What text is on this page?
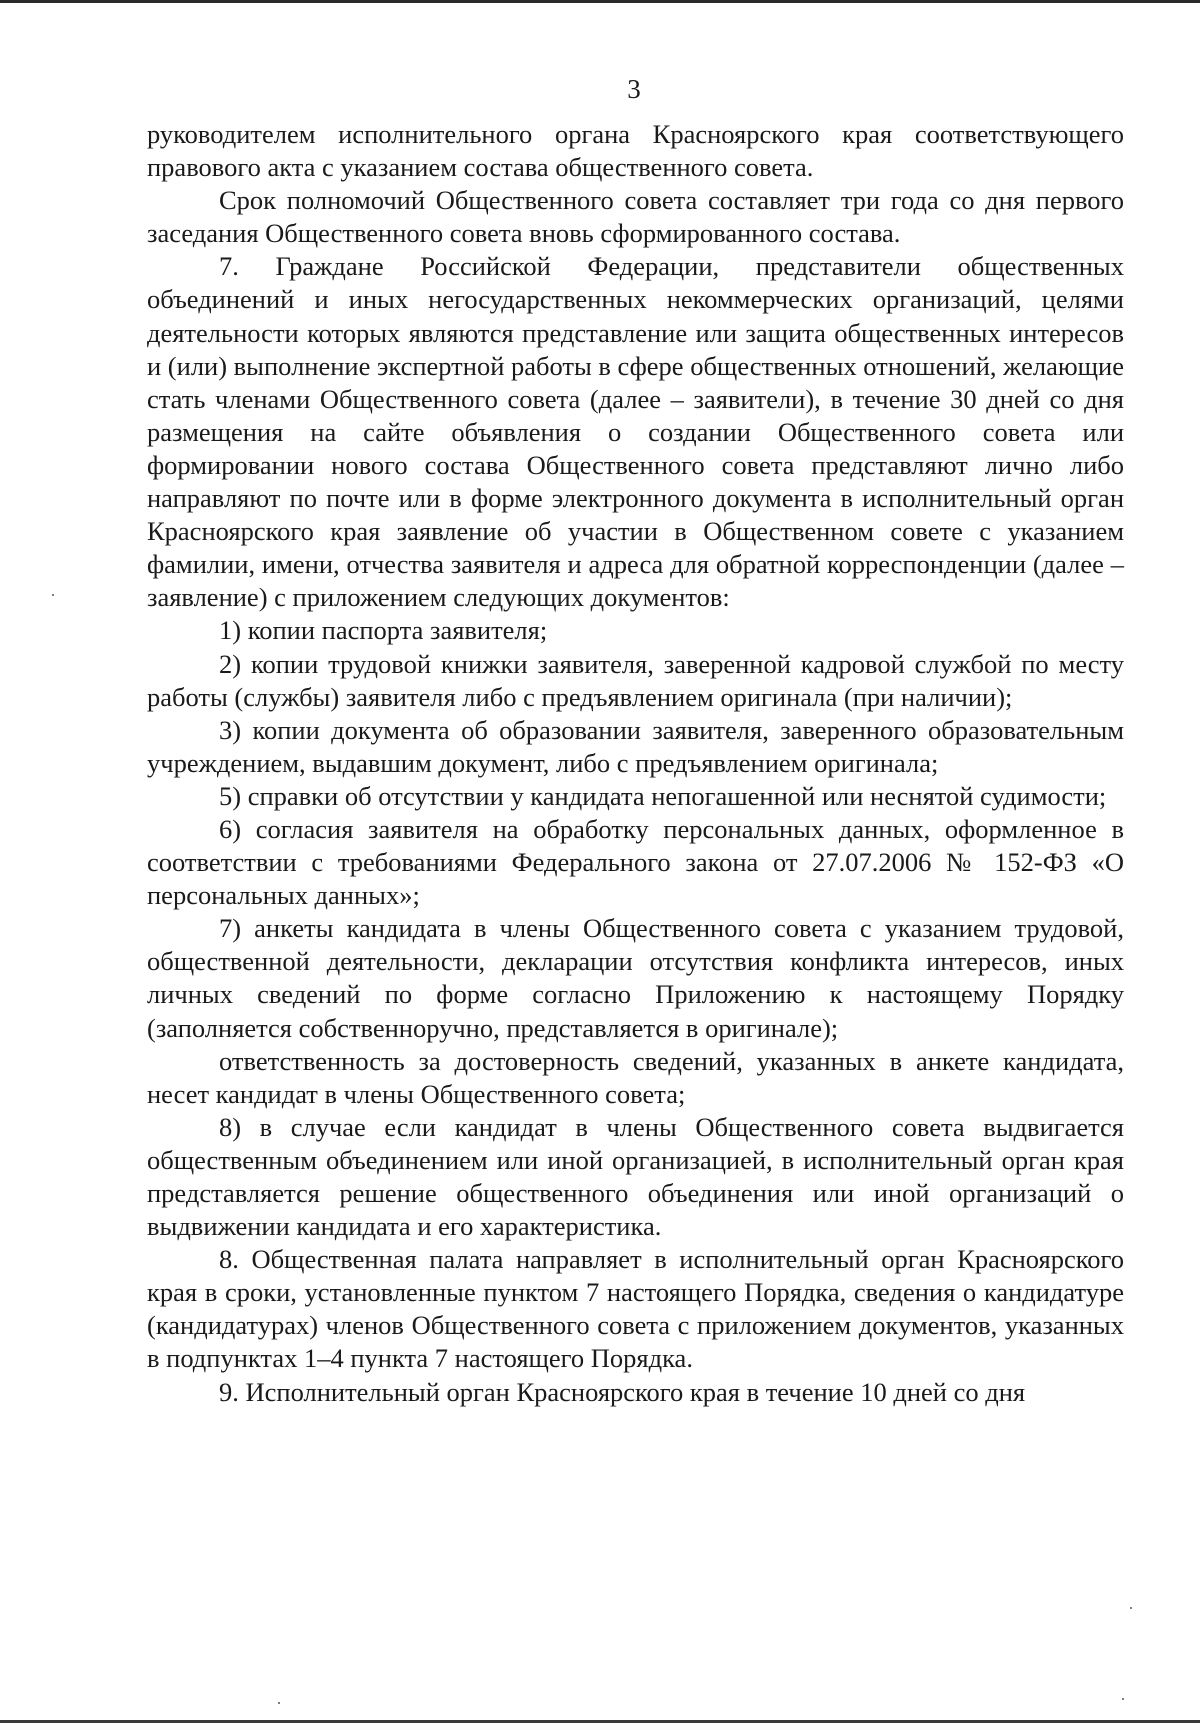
3

руководителем исполнительного органа Красноярского края соответствующего правового акта с указанием состава общественного совета.

Срок полномочий Общественного совета составляет три года со дня первого заседания Общественного совета вновь сформированного состава.

7. Граждане Российской Федерации, представители общественных объединений и иных негосударственных некоммерческих организаций, целями деятельности которых являются представление или защита общественных интересов и (или) выполнение экспертной работы в сфере общественных отношений, желающие стать членами Общественного совета (далее – заявители), в течение 30 дней со дня размещения на сайте объявления о создании Общественного совета или формировании нового состава Общественного совета представляют лично либо направляют по почте или в форме электронного документа в исполнительный орган Красноярского края заявление об участии в Общественном совете с указанием фамилии, имени, отчества заявителя и адреса для обратной корреспонденции (далее – заявление) с приложением следующих документов:

1) копии паспорта заявителя;

2) копии трудовой книжки заявителя, заверенной кадровой службой по месту работы (службы) заявителя либо с предъявлением оригинала (при наличии);

3) копии документа об образовании заявителя, заверенного образовательным учреждением, выдавшим документ, либо с предъявлением оригинала;

5) справки об отсутствии у кандидата непогашенной или неснятой судимости;

6) согласия заявителя на обработку персональных данных, оформленное в соответствии с требованиями Федерального закона от 27.07.2006 № 152-ФЗ «О персональных данных»;

7) анкеты кандидата в члены Общественного совета с указанием трудовой, общественной деятельности, декларации отсутствия конфликта интересов, иных личных сведений по форме согласно Приложению к настоящему Порядку (заполняется собственноручно, представляется в оригинале);

ответственность за достоверность сведений, указанных в анкете кандидата, несет кандидат в члены Общественного совета;

8) в случае если кандидат в члены Общественного совета выдвигается общественным объединением или иной организацией, в исполнительный орган края представляется решение общественного объединения или иной организаций о выдвижении кандидата и его характеристика.

8. Общественная палата направляет в исполнительный орган Красноярского края в сроки, установленные пунктом 7 настоящего Порядка, сведения о кандидатуре (кандидатурах) членов Общественного совета с приложением документов, указанных в подпунктах 1–4 пункта 7 настоящего Порядка.

9. Исполнительный орган Красноярского края в течение 10 дней со дня
